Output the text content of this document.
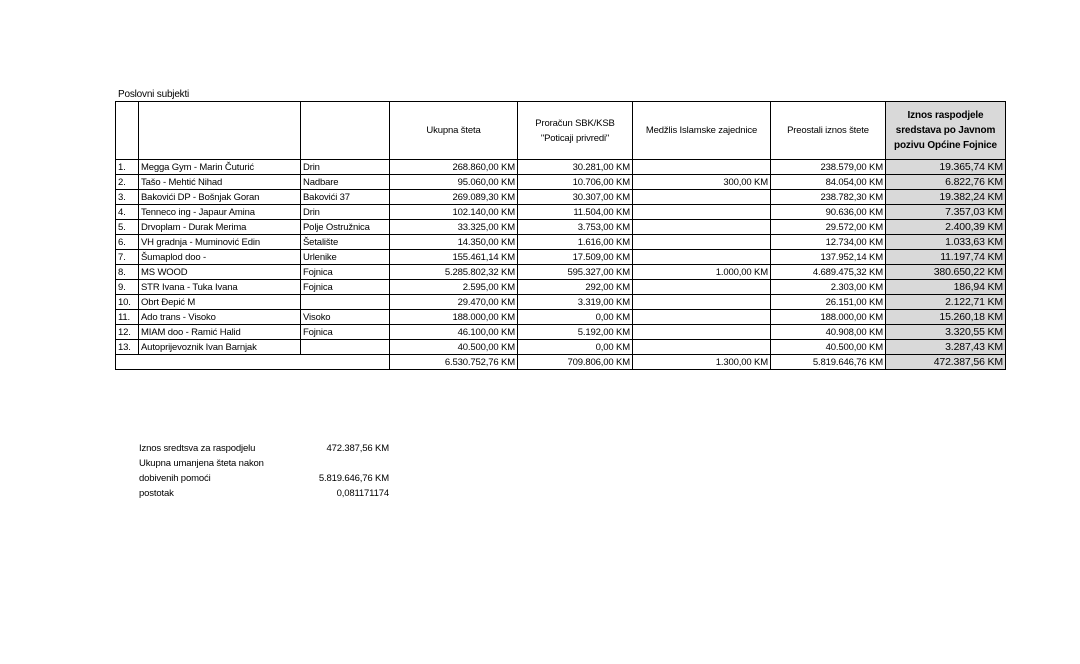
Poslovni subjekti
			Ukupna šteta	Proračun SBK/KSB "Poticaji privredi"	Medžlis Islamske zajednice	Preostali iznos štete	Iznos raspodjele sredstava po Javnom pozivu Općine Fojnice
1.	Megga Gym - Marin Čuturić	Drin	268.860,00 KM	30.281,00 KM		238.579,00 KM	19.365,74 KM
2.	Tašo - Mehtić Nihad	Nadbare	95.060,00 KM	10.706,00 KM	300,00 KM	84.054,00 KM	6.822,76 KM
3.	Bakovići DP - Bošnjak Goran	Bakovići 37	269.089,30 KM	30.307,00 KM		238.782,30 KM	19.382,24 KM
4.	Tenneco ing - Japaur Amina	Drin	102.140,00 KM	11.504,00 KM		90.636,00 KM	7.357,03 KM
5.	Drvoplam - Durak Merima	Polje Ostružnica	33.325,00 KM	3.753,00 KM		29.572,00 KM	2.400,39 KM
6.	VH gradnja - Muminović Edin	Šetalište	14.350,00 KM	1.616,00 KM		12.734,00 KM	1.033,63 KM
7.	Šumaplod doo -	Urlenike	155.461,14 KM	17.509,00 KM		137.952,14 KM	11.197,74 KM
8.	MS WOOD	Fojnica	5.285.802,32 KM	595.327,00 KM	1.000,00 KM	4.689.475,32 KM	380.650,22 KM
9.	STR Ivana - Tuka Ivana	Fojnica	2.595,00 KM	292,00 KM		2.303,00 KM	186,94 KM
10.	Obrt Đepić M		29.470,00 KM	3.319,00 KM		26.151,00 KM	2.122,71 KM
11.	Ado trans - Visoko	Visoko	188.000,00 KM	0,00 KM		188.000,00 KM	15.260,18 KM
12.	MIAM doo - Ramić Halid	Fojnica	46.100,00 KM	5.192,00 KM		40.908,00 KM	3.320,55 KM
13.	Autoprijevoznik Ivan Barnjak		40.500,00 KM	0,00 KM		40.500,00 KM	3.287,43 KM
			6.530.752,76 KM	709.806,00 KM	1.300,00 KM	5.819.646,76 KM	472.387,56 KM
Iznos sredtsva za raspodjelu	472.387,56 KM
Ukupna umanjena šteta nakon
dobivenih pomoći	5.819.646,76 KM
postotak	0,081171174
